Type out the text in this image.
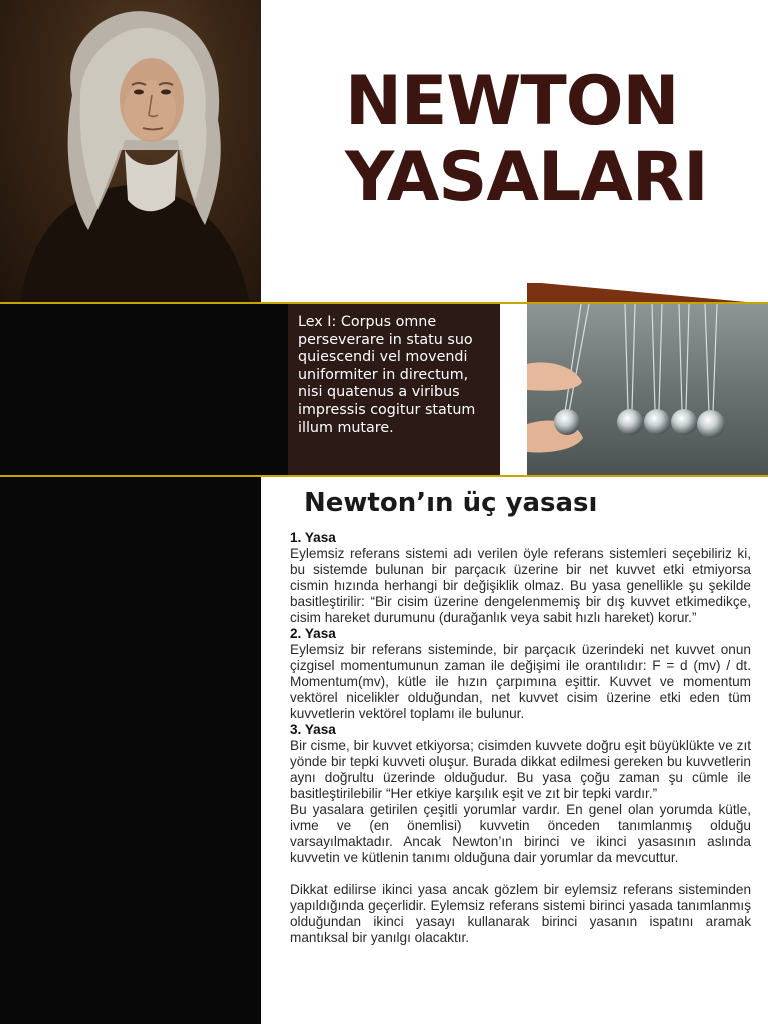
NEWTON
YASALARI
Lex I: Corpus omne perseverare in statu suo quiescendi vel movendi uniformiter in directum, nisi quatenus a viribus impressis cogitur statum illum mutare.
Newton’ın üç yasası
1. Yasa

Eylemsiz referans sistemi adı verilen öyle referans sistemleri seçebiliriz ki, bu sistemde bulunan bir parçacık üzerine bir net kuvvet etki etmiyorsa cismin hızında herhangi bir değişiklik olmaz. Bu yasa genellikle şu şekilde basitleştirilir: “Bir cisim üzerine dengelenmemiş bir dış kuvvet etkimedikçe, cisim hareket durumunu (durağanlık veya sabit hızlı hareket) korur.”

2. Yasa

Eylemsiz bir referans sisteminde, bir parçacık üzerindeki net kuvvet onun çizgisel momentumunun zaman ile değişimi ile orantılıdır: F = d (mv) / dt. Momentum(mv), kütle ile hızın çarpımına eşittir. Kuvvet ve momentum vektörel nicelikler olduğundan, net kuvvet cisim üzerine etki eden tüm kuvvetlerin vektörel toplamı ile bulunur.

3. Yasa

Bir cisme, bir kuvvet etkiyorsa; cisimden kuvvete doğru eşit büyüklükte ve zıt yönde bir tepki kuvveti oluşur. Burada dikkat edilmesi gereken bu kuvvetlerin aynı doğrultu üzerinde olduğudur. Bu yasa çoğu zaman şu cümle ile basitleştirilebilir “Her etkiye karşılık eşit ve zıt bir tepki vardır.”

Bu yasalara getirilen çeşitli yorumlar vardır. En genel olan yorumda kütle, ivme ve (en önemlisi) kuvvetin önceden tanımlanmış olduğu varsayılmaktadır. Ancak Newton’ın birinci ve ikinci yasasının aslında kuvvetin ve kütlenin tanımı olduğuna dair yorumlar da mevcuttur.

Dikkat edilirse ikinci yasa ancak gözlem bir eylemsiz referans sisteminden yapıldığında geçerlidir. Eylemsiz referans sistemi birinci yasada tanımlanmış olduğundan ikinci yasayı kullanarak birinci yasanın ispatını aramak mantıksal bir yanılgı olacaktır.
